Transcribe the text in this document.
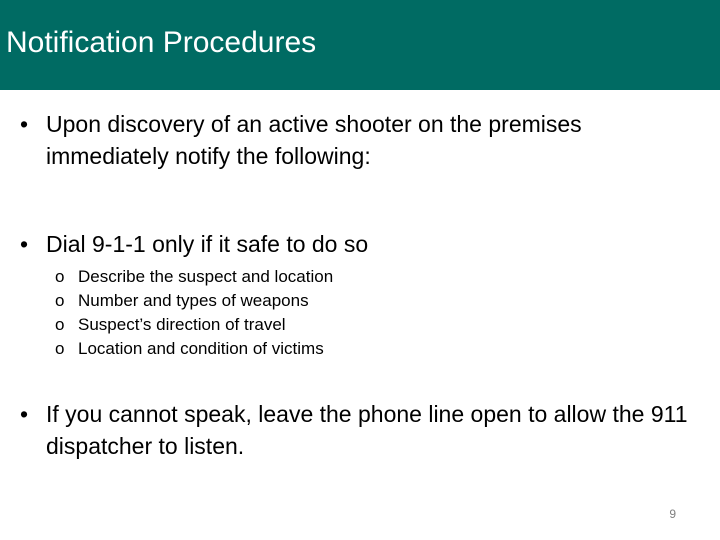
Notification Procedures
• Upon discovery of an active shooter on the premises immediately notify the following:
• Dial 9-1-1 only if it safe to do so
o Describe the suspect and location
o Number and types of weapons
o Suspect’s direction of travel
o Location and condition of victims
• If you cannot speak, leave the phone line open to allow the 911 dispatcher to listen.
9
